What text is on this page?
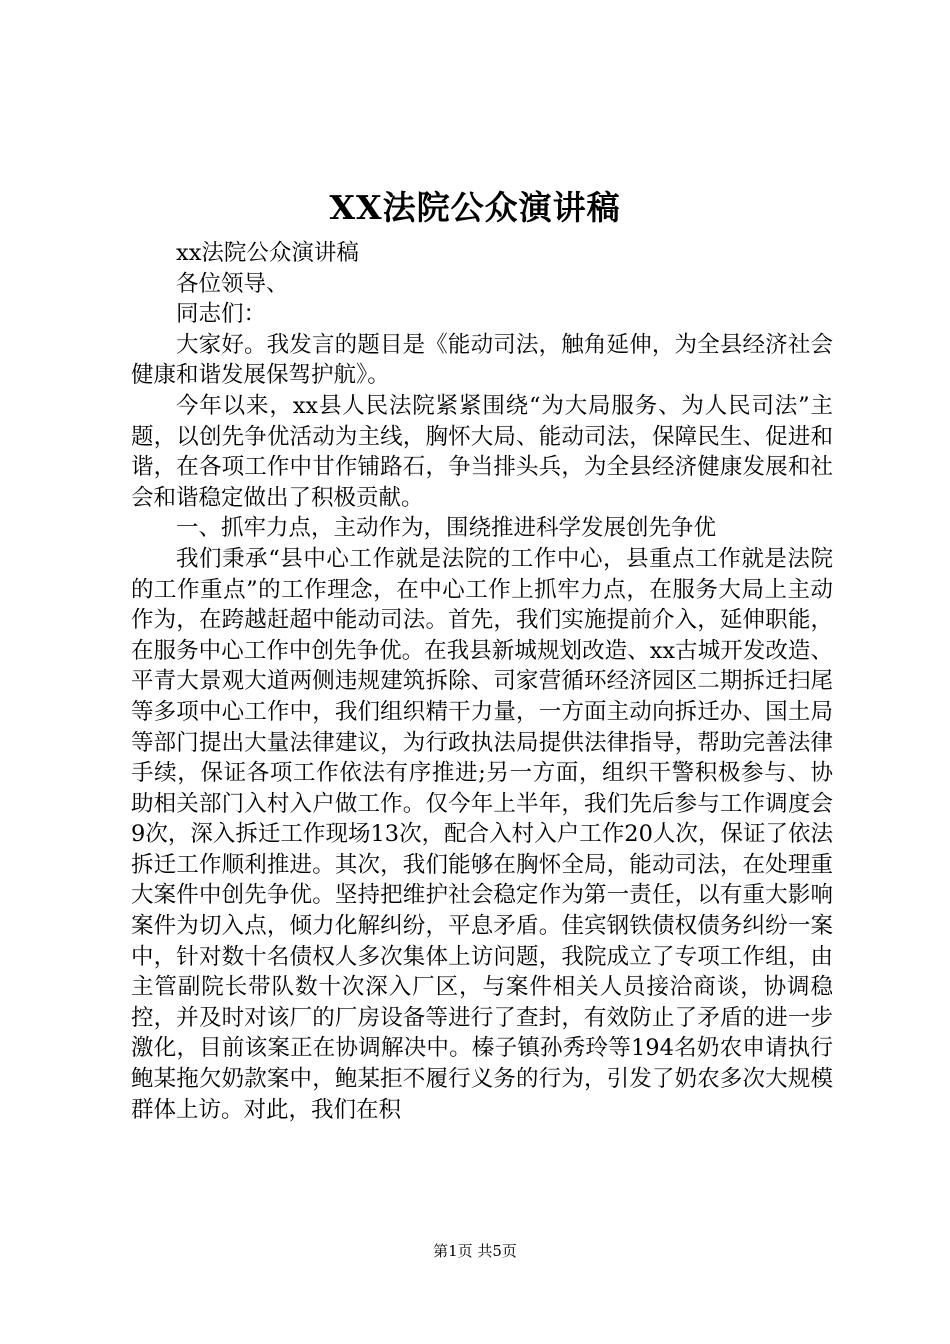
XX法院公众演讲稿

xx法院公众演讲稿

各位领导、

同志们：

大家好。我发言的题目是《能动司法，触角延伸，为全县经济社会健康和谐发展保驾护航》。

今年以来，xx县人民法院紧紧围绕“为大局服务、为人民司法”主题，以创先争优活动为主线，胸怀大局、能动司法，保障民生、促进和谐，在各项工作中甘作铺路石，争当排头兵，为全县经济健康发展和社会和谐稳定做出了积极贡献。

一、抓牢力点，主动作为，围绕推进科学发展创先争优

我们秉承“县中心工作就是法院的工作中心，县重点工作就是法院的工作重点”的工作理念，在中心工作上抓牢力点，在服务大局上主动作为，在跨越赶超中能动司法。首先，我们实施提前介入，延伸职能，在服务中心工作中创先争优。在我县新城规划改造、xx古城开发改造、平青大景观大道两侧违规建筑拆除、司家营循环经济园区二期拆迁扫尾等多项中心工作中，我们组织精干力量，一方面主动向拆迁办、国土局等部门提出大量法律建议，为行政执法局提供法律指导，帮助完善法律手续，保证各项工作依法有序推进;另一方面，组织干警积极参与、协助相关部门入村入户做工作。仅今年上半年，我们先后参与工作调度会9次，深入拆迁工作现场13次，配合入村入户工作20人次，保证了依法拆迁工作顺利推进。其次，我们能够在胸怀全局，能动司法，在处理重大案件中创先争优。坚持把维护社会稳定作为第一责任，以有重大影响案件为切入点，倾力化解纠纷，平息矛盾。佳宾钢铁债权债务纠纷一案中，针对数十名债权人多次集体上访问题，我院成立了专项工作组，由主管副院长带队数十次深入厂区，与案件相关人员接洽商谈，协调稳控，并及时对该厂的厂房设备等进行了查封，有效防止了矛盾的进一步激化，目前该案正在协调解决中。榛子镇孙秀玲等194名奶农申请执行鲍某拖欠奶款案中，鲍某拒不履行义务的行为，引发了奶农多次大规模群体上访。对此，我们在积

第1页 共5页
